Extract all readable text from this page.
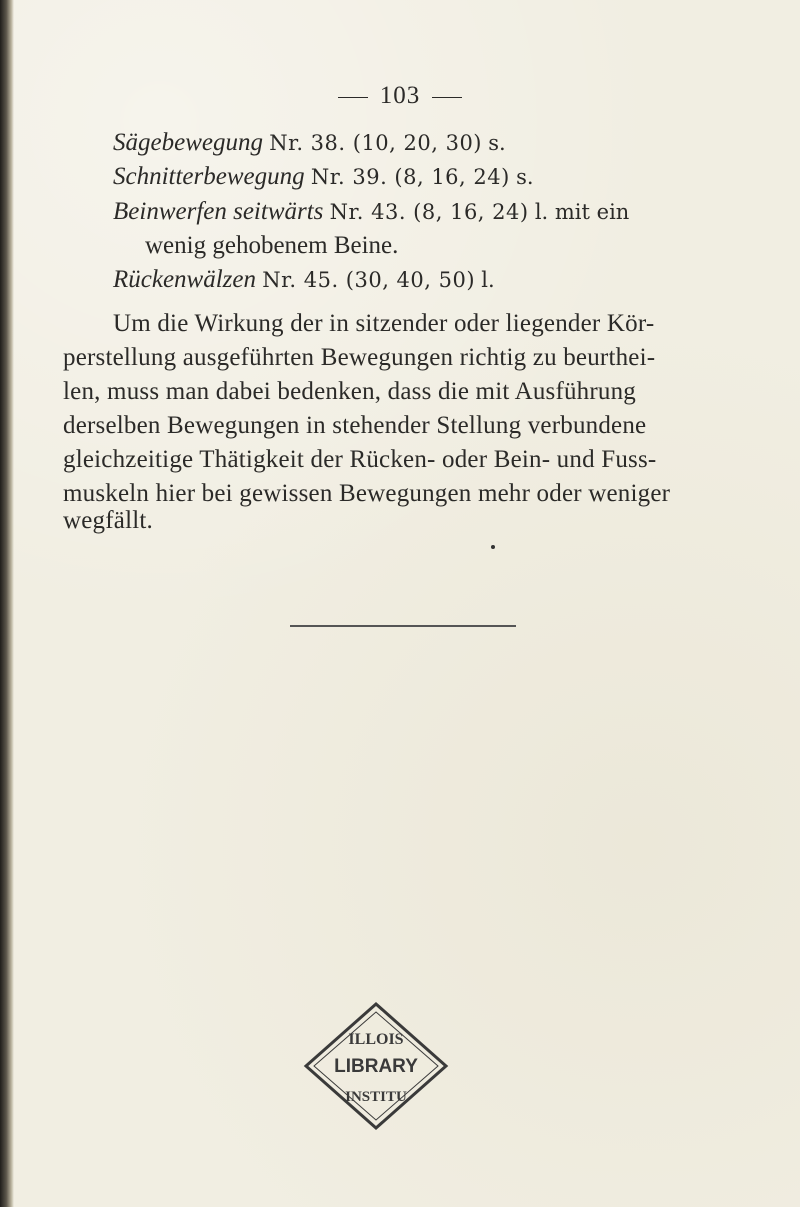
103
Sägebewegung Nr. 38. (10, 20, 30) s.
Schnitterbewegung Nr. 39. (8, 16, 24) s.
Beinwerfen seitwärts Nr. 43. (8, 16, 24) l. mit ein
wenig gehobenem Beine.
Rückenwälzen Nr. 45. (30, 40, 50) l.
Um die Wirkung der in sitzender oder liegender Kör-
perstellung ausgeführten Bewegungen richtig zu beurthei-
len, muss man dabei bedenken, dass die mit Ausführung
derselben Bewegungen in stehender Stellung verbundene
gleichzeitige Thätigkeit der Rücken- oder Bein- und Fuss-
muskeln hier bei gewissen Bewegungen mehr oder weniger
wegfällt.
ILLOIS
LIBRARY
INSTITU
